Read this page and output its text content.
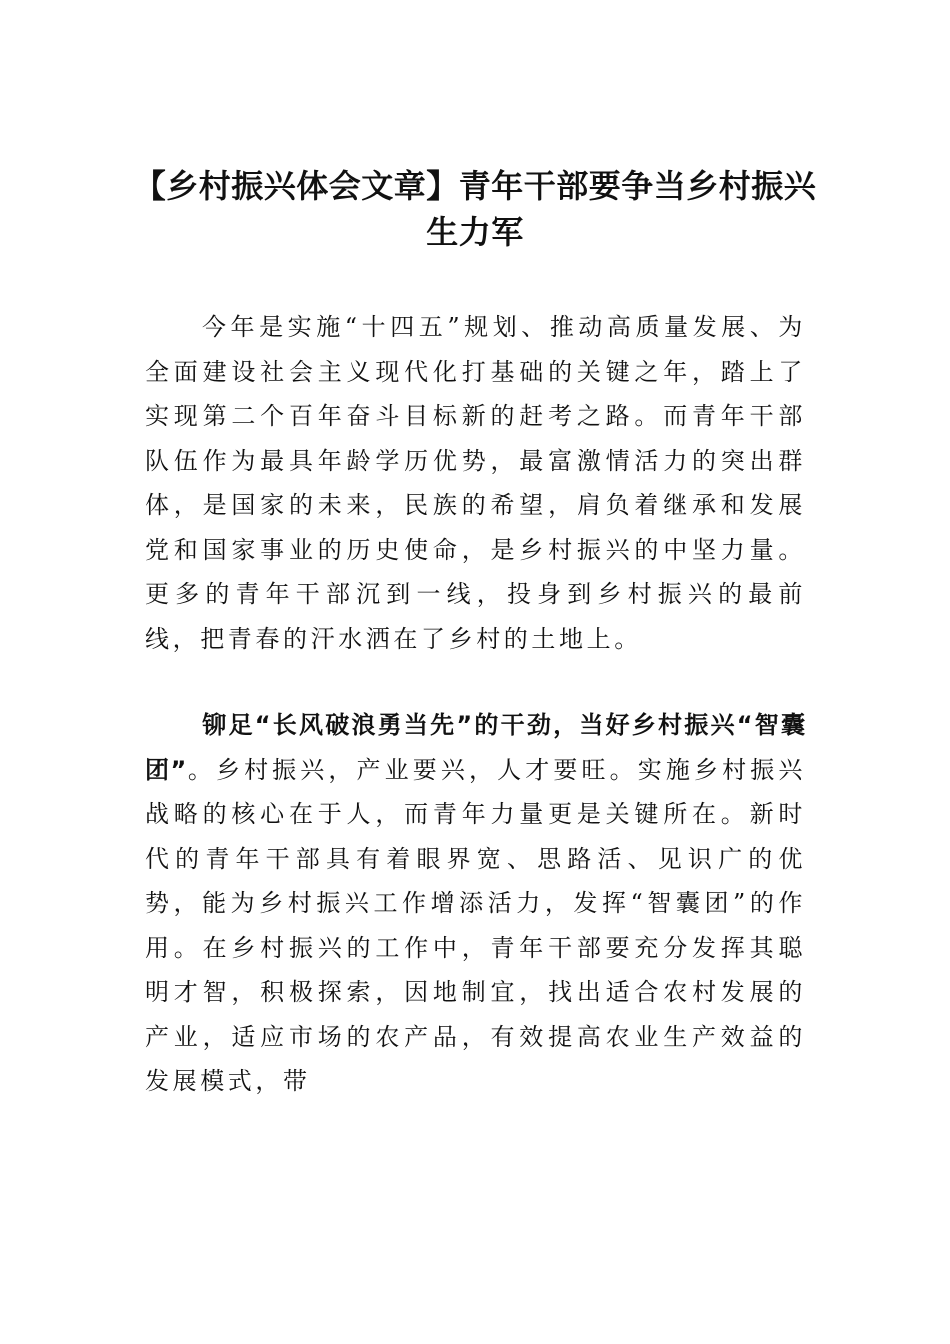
【乡村振兴体会文章】青年干部要争当乡村振兴生力军

今年是实施“十四五”规划、推动高质量发展、为全面建设社会主义现代化打基础的关键之年，踏上了实现第二个百年奋斗目标新的赶考之路。而青年干部队伍作为最具年龄学历优势，最富激情活力的突出群体，是国家的未来，民族的希望，肩负着继承和发展党和国家事业的历史使命，是乡村振兴的中坚力量。更多的青年干部沉到一线，投身到乡村振兴的最前线，把青春的汗水洒在了乡村的土地上。

铆足“长风破浪勇当先”的干劲，当好乡村振兴“智囊团”。乡村振兴，产业要兴，人才要旺。实施乡村振兴战略的核心在于人，而青年力量更是关键所在。新时代的青年干部具有着眼界宽、思路活、见识广的优势，能为乡村振兴工作增添活力，发挥“智囊团”的作用。在乡村振兴的工作中，青年干部要充分发挥其聪明才智，积极探索，因地制宜，找出适合农村发展的产业，适应市场的农产品，有效提高农业生产效益的发展模式，带
